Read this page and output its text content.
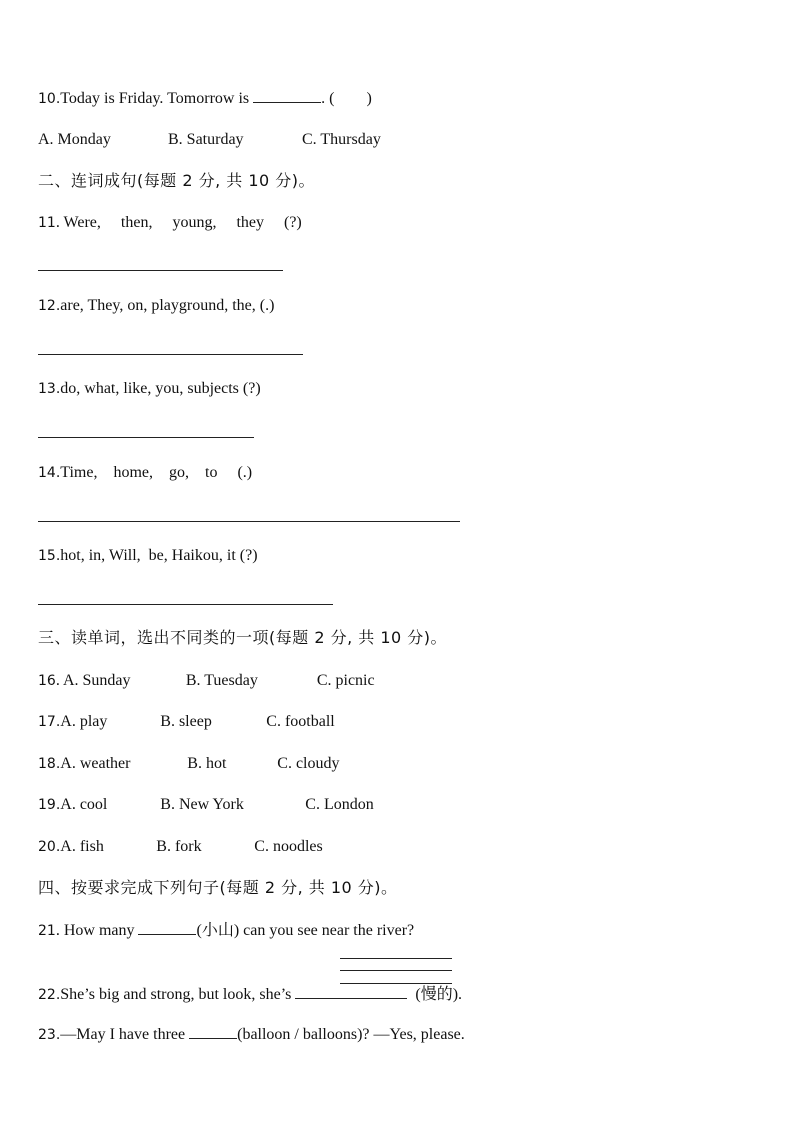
10.Today is Friday. Tomorrow is	. (        )
A. Monday	B. Saturday	C. Thursday
二、连词成句(每题 2 分, 共 10 分)。
11. Were,     then,     young,     they     (?)
12.are, They, on, playground, the, (.)
13.do, what, like, you, subjects (?)
14.Time,    home,    go,    to     (.)
15.hot, in, Will,  be, Haikou, it (?)
三、读单词，选出不同类的一项(每题 2 分, 共 10 分)。
16. A. Sunday	B. Tuesday	C. picnic
17.A. play	B. sleep	C. football
18.A. weather	B. hot	C. cloudy
19.A. cool	B. New York	C. London
20.A. fish	B. fork	C. noodles
四、按要求完成下列句子(每题 2 分, 共 10 分)。
21. How many	(小山) can you see near the river?
22.She’s big and strong, but look, she’s	(慢的).
23.—May I have three	(balloon / balloons)? —Yes, please.
